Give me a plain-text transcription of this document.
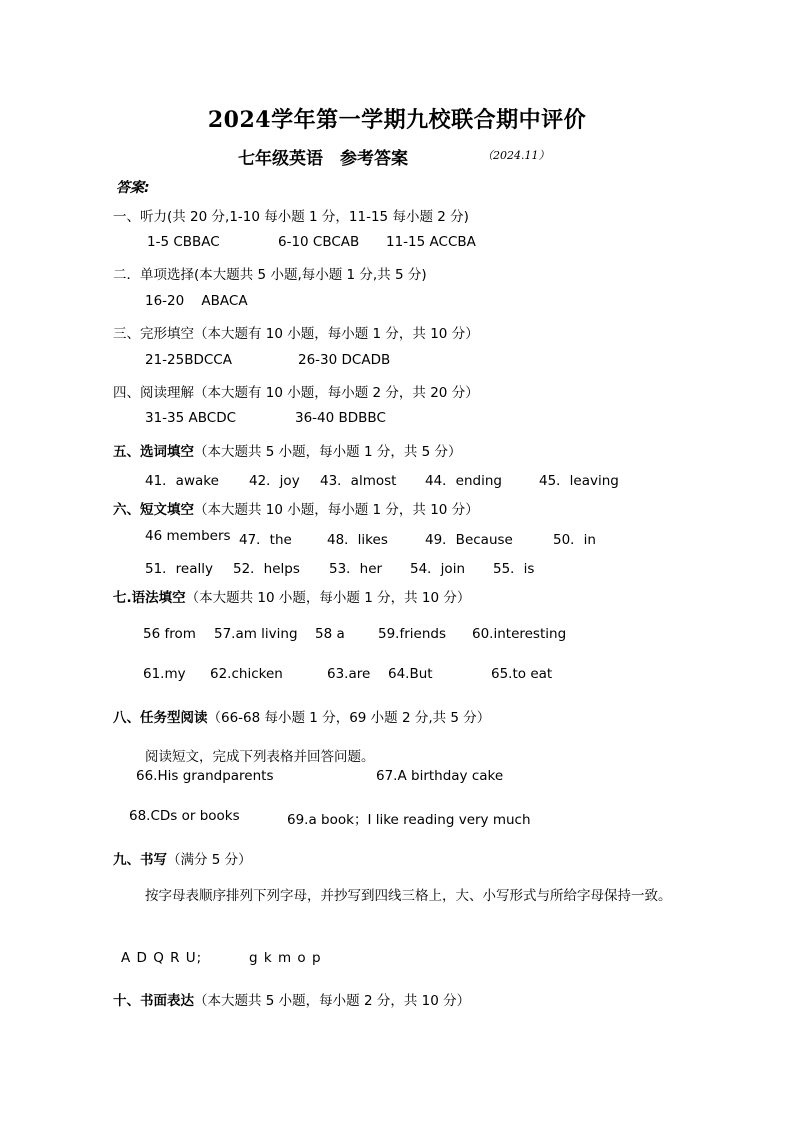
2024学年第一学期九校联合期中评价
七年级英语　参考答案	（2024.11）
答案:
一、听力(共 20 分,1-10 每小题 1 分，11-15 每小题 2 分)
1-5 CBBAC	6-10 CBCAB 11-15 ACCBA
二．单项选择(本大题共 5 小题,每小题 1 分,共 5 分)
16-20    ABACA
三、完形填空（本大题有 10 小题，每小题 1 分，共 10 分）
21-25BDCCA	26-30 DCADB
四、阅读理解（本大题有 10 小题，每小题 2 分，共 20 分）
31-35 ABCDC	36-40 BDBBC
五、选词填空（本大题共 5 小题，每小题 1 分，共 5 分）
41．awake 42．joy 43．almost 44．ending	45．leaving
六、短文填空（本大题共 10 小题，每小题 1 分，共 10 分）
46 members 47．the	48．likes	49．Because	50．in
51．really 52．helps 53．her 54．join 55．is
七.语法填空（本大题共 10 小题，每小题 1 分，共 10 分）
56 from 57.am living 58 a 59.friends 60.interesting
61.my 62.chicken	63.are 64.But	65.to eat
八、任务型阅读（66-68 每小题 1 分，69 小题 2 分,共 5 分）
阅读短文，完成下列表格并回答问题。
66.His grandparents	67.A birthday cake
68.CDs or books	69.a book；I like reading very much
九、书写（满分 5 分）
按字母表顺序排列下列字母，并抄写到四线三格上，大、小写形式与所给字母保持一致。
A D Q R U;	g k m o p
十、书面表达（本大题共 5 小题，每小题 2 分，共 10 分）
